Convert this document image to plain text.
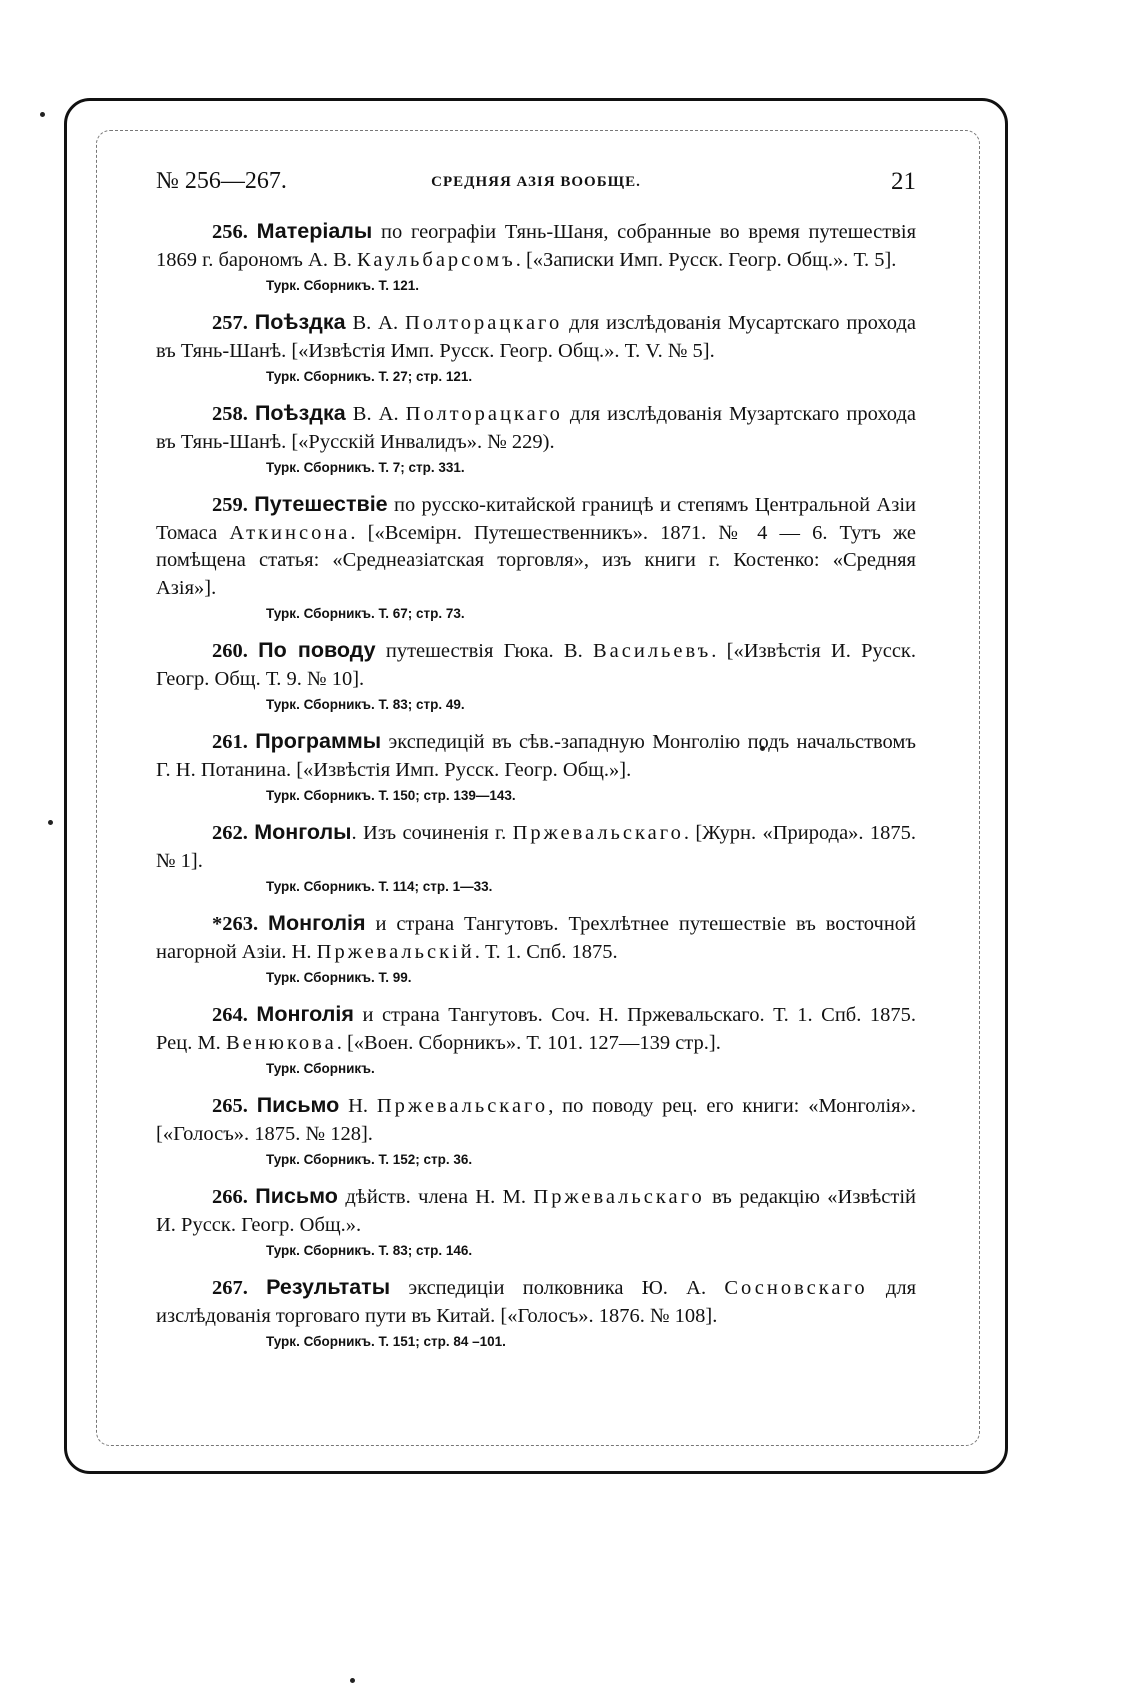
№ 256—267.	СРЕДНЯЯ АЗІЯ ВООБЩЕ.	21

256. Матеріалы по географіи Тянь-Шаня, собранные во время путешествія 1869 г. барономъ А. В. Каульбарсомъ. [«Записки Имп. Русск. Геогр. Общ.». Т. 5].

Турк. Сборникъ. Т. 121.

257. Поѣздка В. А. Полторацкаго для изслѣдованія Мусартскаго прохода въ Тянь-Шанѣ. [«Извѣстія Имп. Русск. Геогр. Общ.». Т. V. № 5].

Турк. Сборникъ. Т. 27; стр. 121.

258. Поѣздка В. А. Полторацкаго для изслѣдованія Музартскаго прохода въ Тянь-Шанѣ. [«Русскій Инвалидъ». № 229).

Турк. Сборникъ. Т. 7; стр. 331.

259. Путешествіе по русско-китайской границѣ и степямъ Центральной Азіи Томаса Аткинсона. [«Всемірн. Путешественникъ». 1871. № 4 — 6. Тутъ же помѣщена статья: «Среднеазіатская торговля», изъ книги г. Костенко: «Средняя Азія»].

Турк. Сборникъ. Т. 67; стр. 73.

260. По поводу путешествія Гюка. В. Васильевъ. [«Извѣстія И. Русск. Геогр. Общ. Т. 9. № 10].

Турк. Сборникъ. Т. 83; стр. 49.

261. Программы экспедицій въ сѣв.-западную Монголію подъ начальствомъ Г. Н. Потанина. [«Извѣстія Имп. Русск. Геогр. Общ.»].

Турк. Сборникъ. Т. 150; стр. 139—143.

262. Монголы. Изъ сочиненія г. Пржевальскаго. [Журн. «Природа». 1875. № 1].

Турк. Сборникъ. Т. 114; стр. 1—33.

*263. Монголія и страна Тангутовъ. Трехлѣтнее путешествіе въ восточной нагорной Азіи. Н. Пржевальскій. Т. 1. Спб. 1875.

Турк. Сборникъ. Т. 99.

264. Монголія и страна Тангутовъ. Соч. Н. Пржевальскаго. Т. 1. Спб. 1875. Рец. М. Венюкова. [«Воен. Сборникъ». Т. 101. 127—139 стр.].

Турк. Сборникъ.

265. Письмо Н. Пржевальскаго, по поводу рец. его книги: «Монголія». [«Голосъ». 1875. № 128].

Турк. Сборникъ. Т. 152; стр. 36.

266. Письмо дѣйств. члена Н. М. Пржевальскаго въ редакцію «Извѣстій И. Русск. Геогр. Общ.».

Турк. Сборникъ. Т. 83; стр. 146.

267. Результаты экспедиціи полковника Ю. А. Сосновскаго для изслѣдованія торговаго пути въ Китай. [«Голосъ». 1876. № 108].

Турк. Сборникъ. Т. 151; стр. 84 –101.
